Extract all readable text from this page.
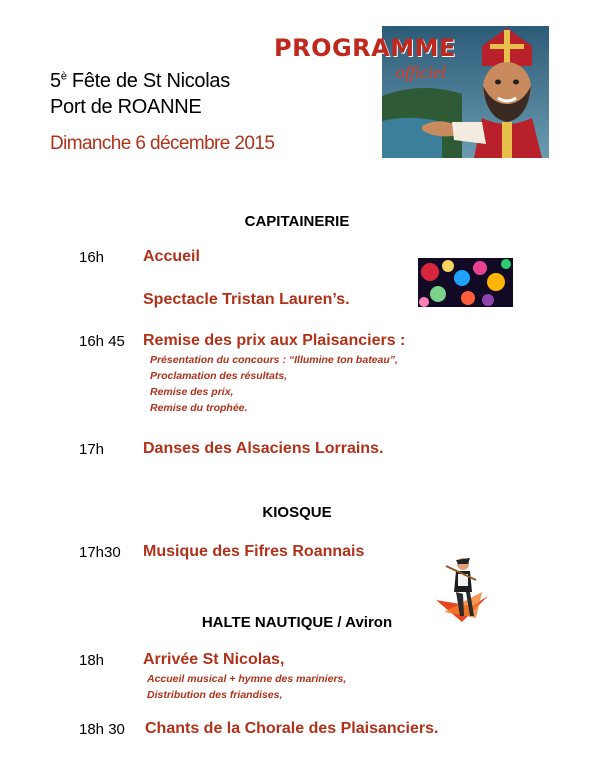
PROGRAMME
officiel
$5^è$ Fête de St Nicolas
Port de ROANNE
Dimanche 6 décembre 2015
CAPITAINERIE
16h Accueil
Spectacle Tristan Lauren’s.
16h 45 Remise des prix aux Plaisanciers :
Présentation du concours : “Illumine ton bateau”,
Proclamation des résultats,
Remise des prix,
Remise du trophée.
17h Danses des Alsaciens Lorrains.
KIOSQUE
17h30 Musique des Fifres Roannais
HALTE NAUTIQUE / Aviron
18h Arrivée St Nicolas,
Accueil musical + hymne des mariniers,
Distribution des friandises,
18h 30 Chants de la Chorale des Plaisanciers.
